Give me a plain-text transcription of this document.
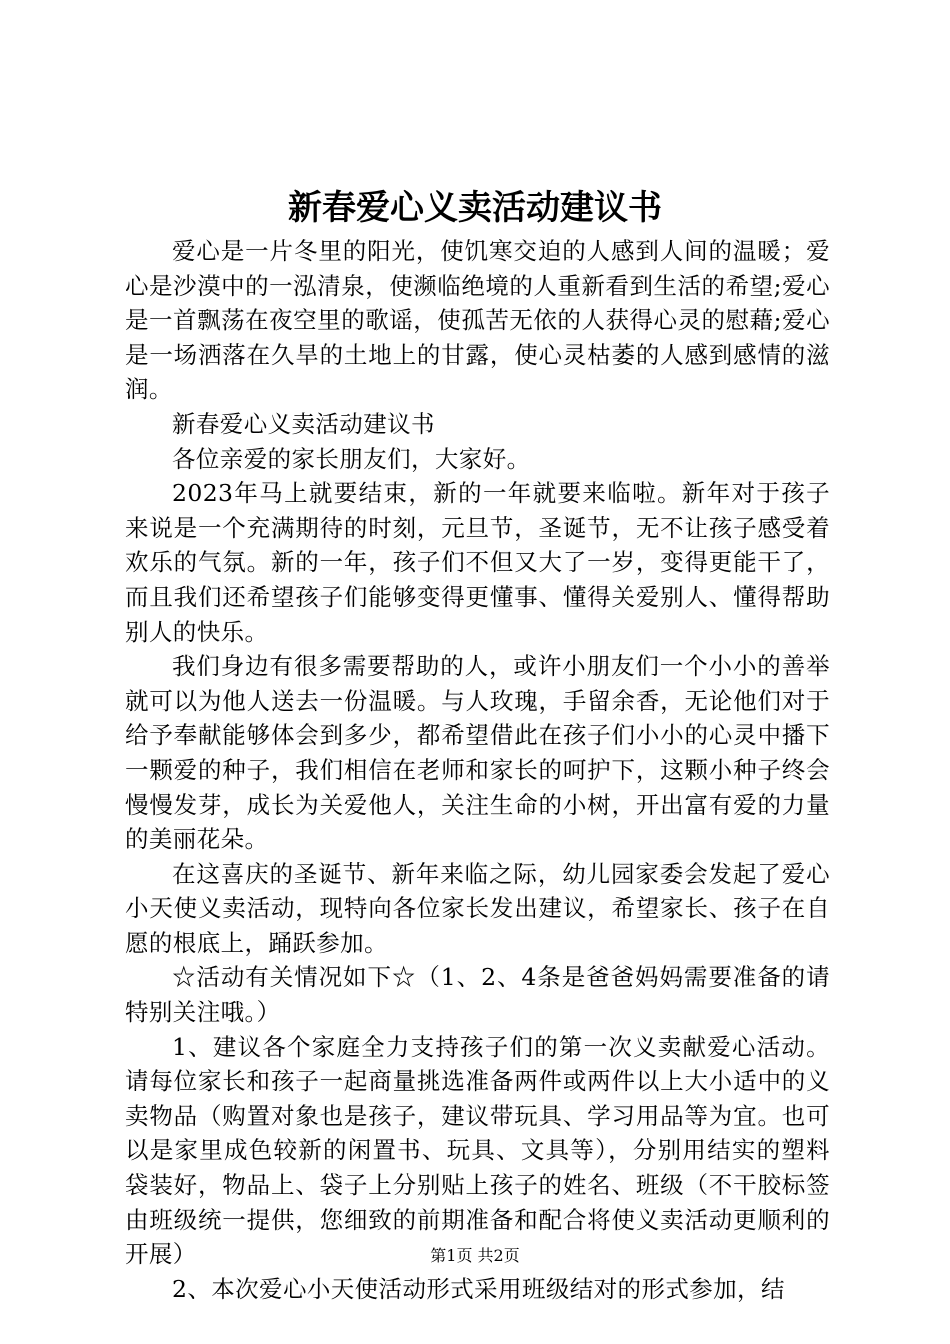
新春爱心义卖活动建议书

爱心是一片冬里的阳光，使饥寒交迫的人感到人间的温暖；爱心是沙漠中的一泓清泉，使濒临绝境的人重新看到生活的希望;爱心是一首飘荡在夜空里的歌谣，使孤苦无依的人获得心灵的慰藉;爱心是一场洒落在久旱的土地上的甘露，使心灵枯萎的人感到感情的滋润。

新春爱心义卖活动建议书

各位亲爱的家长朋友们，大家好。

2023年马上就要结束，新的一年就要来临啦。新年对于孩子来说是一个充满期待的时刻，元旦节，圣诞节，无不让孩子感受着欢乐的气氛。新的一年，孩子们不但又大了一岁，变得更能干了，而且我们还希望孩子们能够变得更懂事、懂得关爱别人、懂得帮助别人的快乐。

我们身边有很多需要帮助的人，或许小朋友们一个小小的善举就可以为他人送去一份温暖。与人玫瑰，手留余香，无论他们对于给予奉献能够体会到多少，都希望借此在孩子们小小的心灵中播下一颗爱的种子，我们相信在老师和家长的呵护下，这颗小种子终会慢慢发芽，成长为关爱他人，关注生命的小树，开出富有爱的力量的美丽花朵。

在这喜庆的圣诞节、新年来临之际，幼儿园家委会发起了爱心小天使义卖活动，现特向各位家长发出建议，希望家长、孩子在自愿的根底上，踊跃参加。

☆活动有关情况如下☆（1、2、4条是爸爸妈妈需要准备的请特别关注哦。）

1、建议各个家庭全力支持孩子们的第一次义卖献爱心活动。请每位家长和孩子一起商量挑选准备两件或两件以上大小适中的义卖物品（购置对象也是孩子，建议带玩具、学习用品等为宜。也可以是家里成色较新的闲置书、玩具、文具等），分别用结实的塑料袋装好，物品上、袋子上分别贴上孩子的姓名、班级（不干胶标签由班级统一提供，您细致的前期准备和配合将使义卖活动更顺利的开展）

2、本次爱心小天使活动形式采用班级结对的形式参加，结

第1页 共2页
